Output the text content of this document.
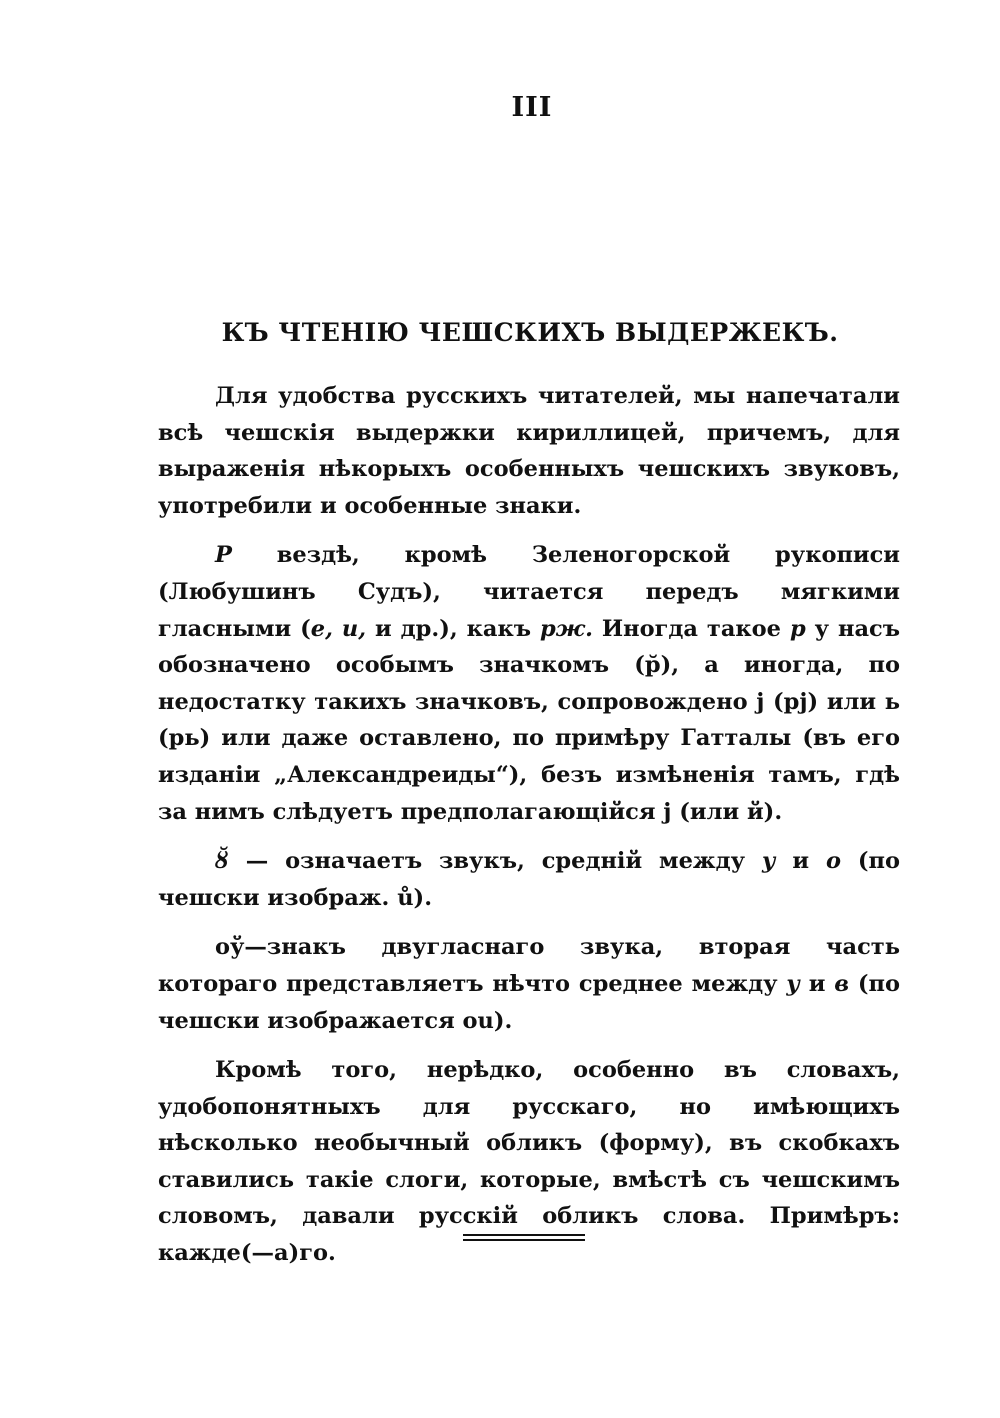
III
КЪ ЧТЕНІЮ ЧЕШСКИХЪ ВЫДЕРЖЕКЪ.

Для удобства русскихъ читателей, мы напечатали всѣ чешскія выдержки кириллицей, причемъ, для выраженія нѣкорыхъ особенныхъ чешскихъ звуковъ, употребили и особенные знаки.

Р вездѣ, кромѣ Зеленогорской рукописи (Любушинъ Судъ), читается передъ мягкими гласными (е, и, и др.), какъ рж. Иногда такое р у насъ обозначено особымъ значкомъ (р̆), а иногда, по недостатку такихъ значковъ, сопровождено j (рj) или ь (рь) или даже оставлено, по примѣру Гатталы (въ его изданіи „Александреиды“), безъ измѣненія тамъ, гдѣ за нимъ слѣдуетъ предполагающійся j (или й).

ȣ̆ — означаетъ звукъ, средній между у и о (по чешски изображ. ů).

оў—знакъ двугласнаго звука, вторая часть котораго представляетъ нѣчто среднее между у и в (по чешски изображается ou).

Кромѣ того, нерѣдко, особенно въ словахъ, удобопонятныхъ для русскаго, но имѣющихъ нѣсколько необычный обликъ (форму), въ скобкахъ ставились такіе слоги, которые, вмѣстѣ съ чешскимъ словомъ, давали русскій обликъ слова. Примѣръ: кажде(—а)го.
